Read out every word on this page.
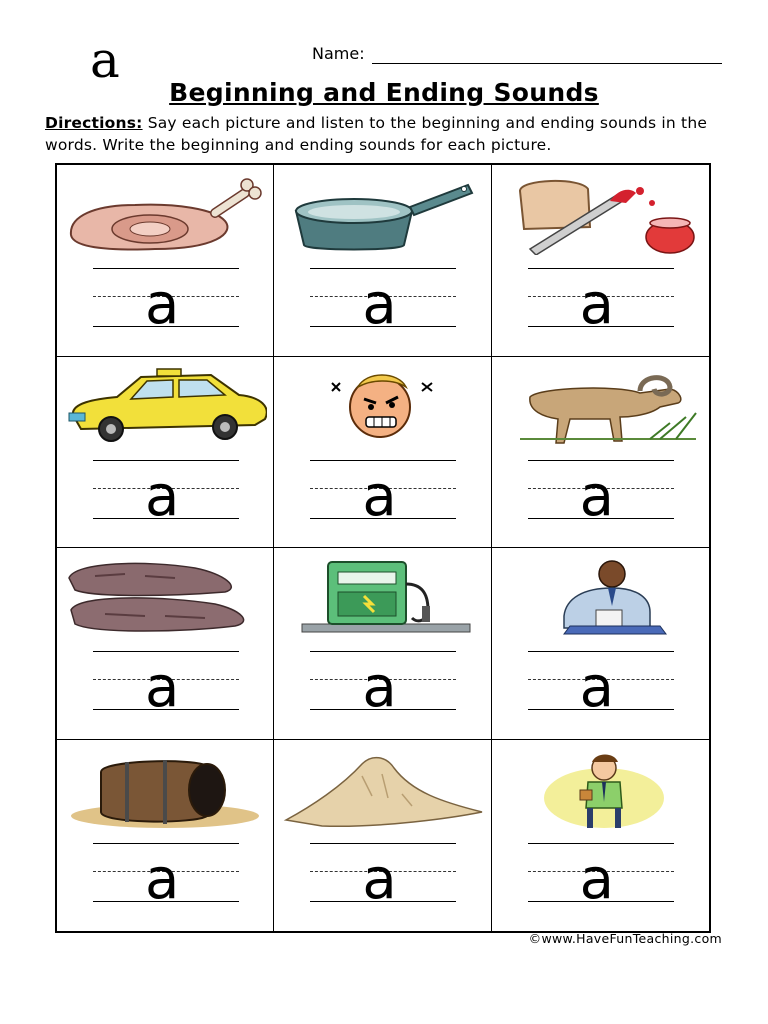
a	Name:
Beginning and Ending Sounds
Directions: Say each picture and listen to the beginning and ending sounds in the words. Write the beginning and ending sounds for each picture.
a	a	a
a	a	a
a	a	a
a	a	a
©www.HaveFunTeaching.com
